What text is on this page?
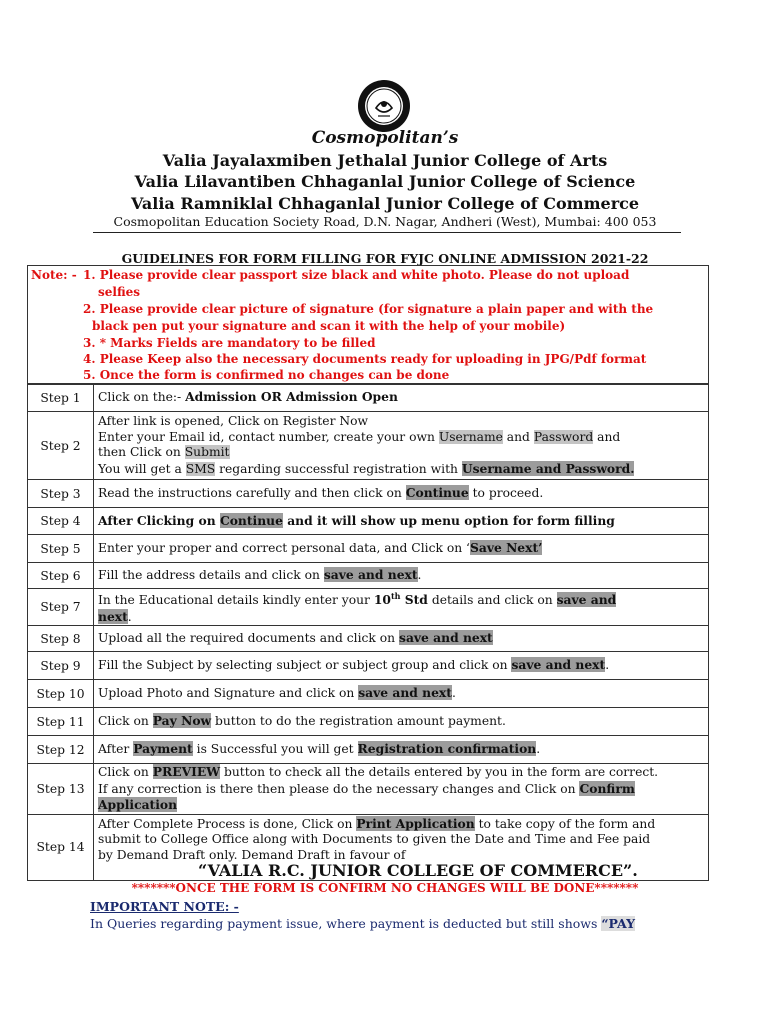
Cosmopolitan’s
Valia Jayalaxmiben Jethalal Junior College of Arts
Valia Lilavantiben Chhaganlal Junior College of Science
Valia Ramniklal Chhaganlal Junior College of Commerce
Cosmopolitan Education Society Road, D.N. Nagar, Andheri (West), Mumbai: 400 053
GUIDELINES FOR FORM FILLING FOR FYJC ONLINE ADMISSION 2021-22
Note: - 1. Please provide clear passport size black and white photo. Please do not upload
selfies
2. Please provide clear picture of signature (for signature a plain paper and with the
black pen put your signature and scan it with the help of your mobile)
3. * Marks Fields are mandatory to be filled
4. Please Keep also the necessary documents ready for uploading in JPG/Pdf format
5. Once the form is confirmed no changes can be done
Step 1	Click on the:- Admission OR Admission Open
Step 2	After link is opened, Click on Register Now
Enter your Email id, contact number, create your own Username and Password and
then Click on Submit
You will get a SMS regarding successful registration with Username and Password.

Step 3	Read the instructions carefully and then click on Continue to proceed.
Step 4	After Clicking on Continue and it will show up menu option for form filling
Step 5	Enter your proper and correct personal data, and Click on ‘Save Next’
Step 6	Fill the address details and click on save and next.
Step 7	In the Educational details kindly enter your 10th Std details and click on save and
next.

Step 8	Upload all the required documents and click on save and next
Step 9	Fill the Subject by selecting subject or subject group and click on save and next.
Step 10	Upload Photo and Signature and click on save and next.
Step 11	Click on Pay Now button to do the registration amount payment.
Step 12	After Payment is Successful you will get Registration confirmation.
Step 13	Click on PREVIEW button to check all the details entered by you in the form are correct.
If any correction is there then please do the necessary changes and Click on Confirm
Application

Step 14	After Complete Process is done, Click on Print Application to take copy of the form and
submit to College Office along with Documents to given the Date and Time and Fee paid
by Demand Draft only. Demand Draft in favour of
“VALIA R.C. JUNIOR COLLEGE OF COMMERCE”.
*******ONCE THE FORM IS CONFIRM NO CHANGES WILL BE DONE*******
IMPORTANT NOTE: -
In Queries regarding payment issue, where payment is deducted but still shows “PAY
